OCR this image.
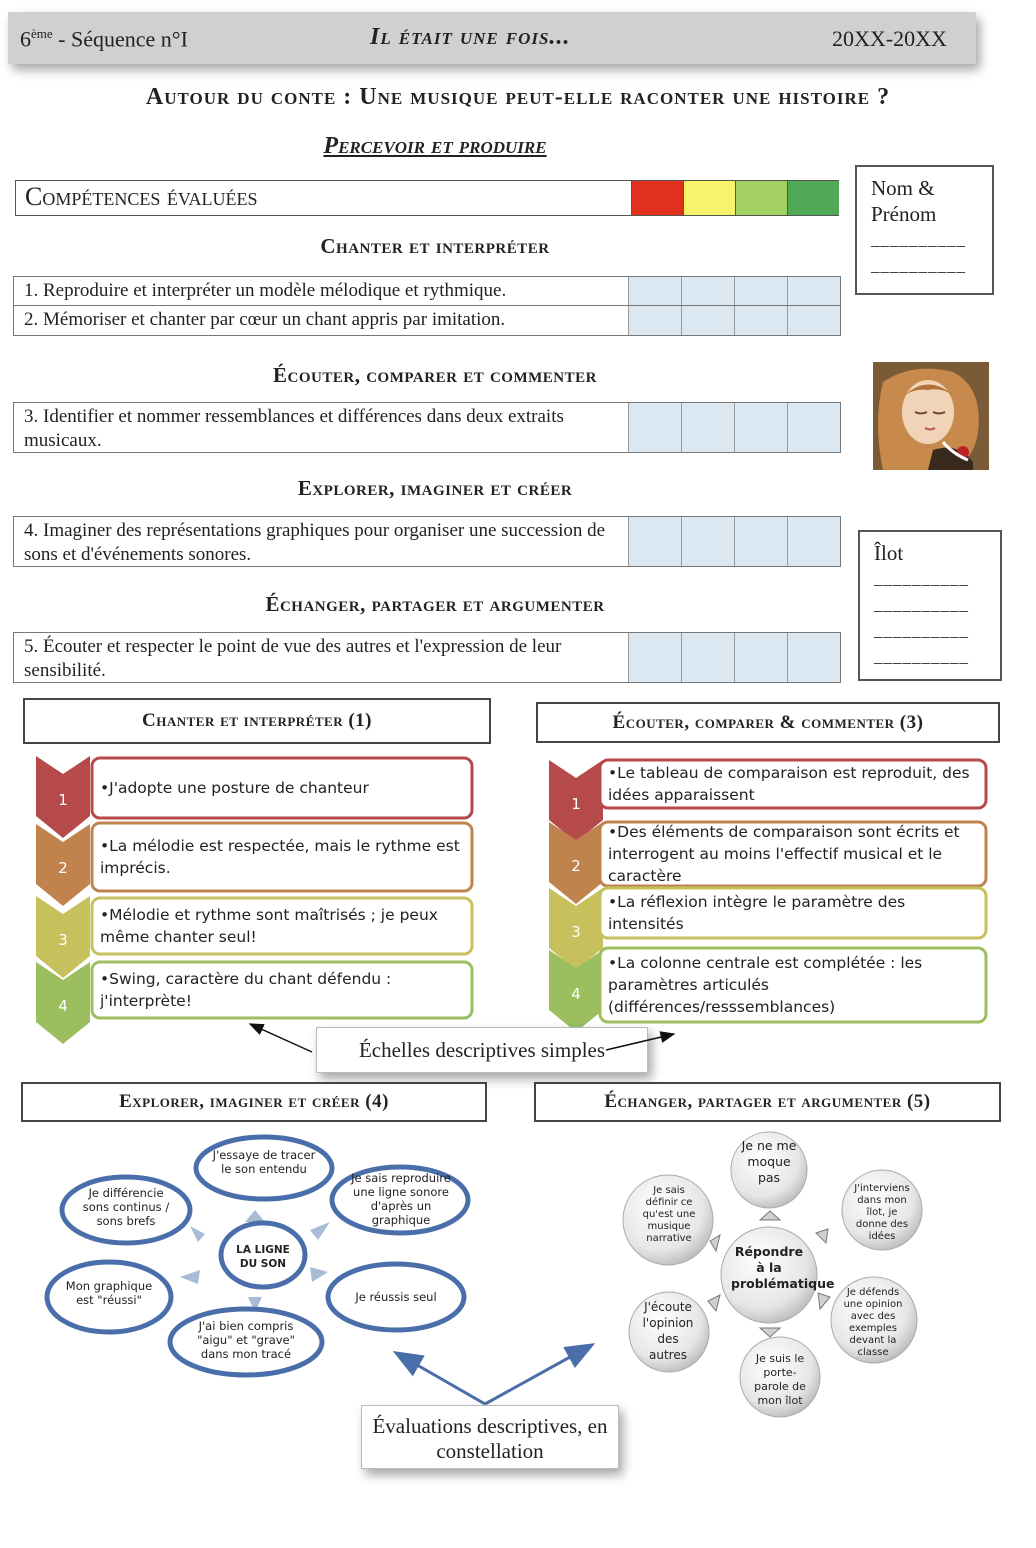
6ème - Séquence n°I	Il était une fois...	20XX-20XX
Autour du conte : Une musique peut-elle raconter une histoire ?
Percevoir et produire
Compétences évaluées
Chanter et interpréter
1. Reproduire et interpréter un modèle mélodique et rythmique.
2. Mémoriser et chanter par cœur un chant appris par imitation.
Écouter, comparer et commenter
3. Identifier et nommer ressemblances et différences dans deux extraits musicaux.
Explorer, imaginer et créer
4. Imaginer des représentations graphiques pour organiser une succession de sons et d'événements sonores.
Échanger, partager et argumenter
5. Écouter et respecter le point de vue des autres et l'expression de leur sensibilité.
Nom & Prénom
__________
__________
Îlot
__________
__________
__________
__________
Chanter et interpréter (1)	Écouter, comparer & commenter (3)
1
•J'adopte une posture de chanteur
2
•La mélodie est respectée, mais le rythme est imprécis.
3
•Mélodie et rythme sont maîtrisés ; je peux même chanter seul!
4
•Swing, caractère du chant défendu : j'interprète!
1
•Le tableau de comparaison est reproduit, des idées apparaissent
2
•Des éléments de comparaison sont écrits et interrogent au moins l'effectif musical et le caractère
3
•La réflexion intègre le paramètre des intensités
4
•La colonne centrale est complétée : les paramètres articulés (différences/resssemblances)
Échelles descriptives simples
Explorer, imaginer et créer (4)	Échanger, partager et argumenter (5)
J'essaye de tracer le son entendu
Je sais reproduire une ligne sonore d'après un graphique
Je réussis seul
J'ai bien compris "aigu" et "grave" dans mon tracé
Mon graphique est "réussi"
Je différencie sons continus / sons brefs
LA LIGNE DU SON
Je ne me moque pas
J'interviens dans mon îlot, je donne des idées
Je défends une opinion avec des exemples devant la classe
Je suis le porte-parole de mon îlot
J'écoute l'opinion des autres
Je sais définir ce qu'est une musique narrative
Répondre à la problématique
Évaluations descriptives, en constellation
